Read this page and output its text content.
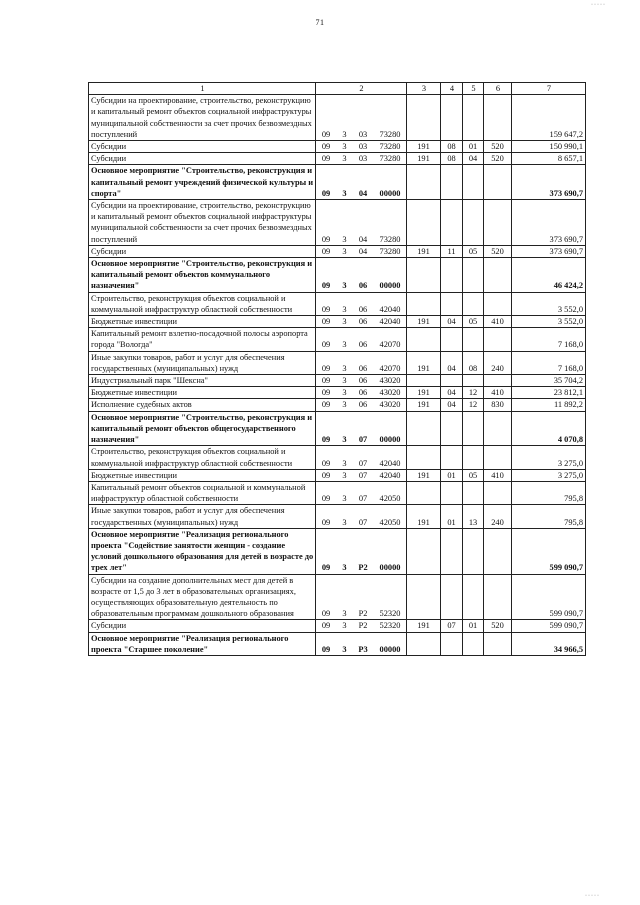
71
1	2				3	4	5	6	7
Субсидии на проектирование, строительство, реконструкцию и капитальный ремонт объектов социальной инфраструктуры муниципальной собственности за счет прочих безвозмездных поступлений	09	3	03	73280					159 647,2
Субсидии	09	3	03	73280	191	08	01	520	150 990,1
Субсидии	09	3	03	73280	191	08	04	520	8 657,1
Основное мероприятие "Строительство, реконструкция и капитальный ремонт учреждений физической культуры и спорта"	09	3	04	00000					373 690,7
Субсидии на проектирование, строительство, реконструкцию и капитальный ремонт объектов социальной инфраструктуры муниципальной собственности за счет прочих безвозмездных поступлений	09	3	04	73280					373 690,7
Субсидии	09	3	04	73280	191	11	05	520	373 690,7
Основное мероприятие "Строительство, реконструкция и капитальный ремонт объектов коммунального назначения"	09	3	06	00000					46 424,2
Строительство, реконструкция объектов социальной и коммунальной инфраструктур областной собственности	09	3	06	42040					3 552,0
Бюджетные инвестиции	09	3	06	42040	191	04	05	410	3 552,0
Капитальный ремонт взлетно-посадочной полосы аэропорта города "Вологда"	09	3	06	42070					7 168,0
Иные закупки товаров, работ и услуг для обеспечения государственных (муниципальных) нужд	09	3	06	42070	191	04	08	240	7 168,0
Индустриальный парк "Шексна"	09	3	06	43020					35 704,2
Бюджетные инвестиции	09	3	06	43020	191	04	12	410	23 812,1
Исполнение судебных актов	09	3	06	43020	191	04	12	830	11 892,2
Основное мероприятие "Строительство, реконструкция и капитальный ремонт объектов общегосударственного назначения"	09	3	07	00000					4 070,8
Строительство, реконструкция объектов социальной и коммунальной инфраструктур областной собственности	09	3	07	42040					3 275,0
Бюджетные инвестиции	09	3	07	42040	191	01	05	410	3 275,0
Капитальный ремонт объектов социальной и коммунальной инфраструктур областной собственности	09	3	07	42050					795,8
Иные закупки товаров, работ и услуг для обеспечения государственных (муниципальных) нужд	09	3	07	42050	191	01	13	240	795,8
Основное мероприятие "Реализация регионального проекта "Содействие занятости женщин - создание условий дошкольного образования для детей в возрасте до трех лет"	09	3	P2	00000					599 090,7
Субсидии на создание дополнительных мест для детей в возрасте от 1,5 до 3 лет в образовательных организациях, осуществляющих образовательную деятельность по образовательным программам дошкольного образования	09	3	P2	52320					599 090,7
Субсидии	09	3	P2	52320	191	07	01	520	599 090,7
Основное мероприятие "Реализация регионального проекта "Старшее поколение"	09	3	P3	00000					34 966,5
·····
·····
